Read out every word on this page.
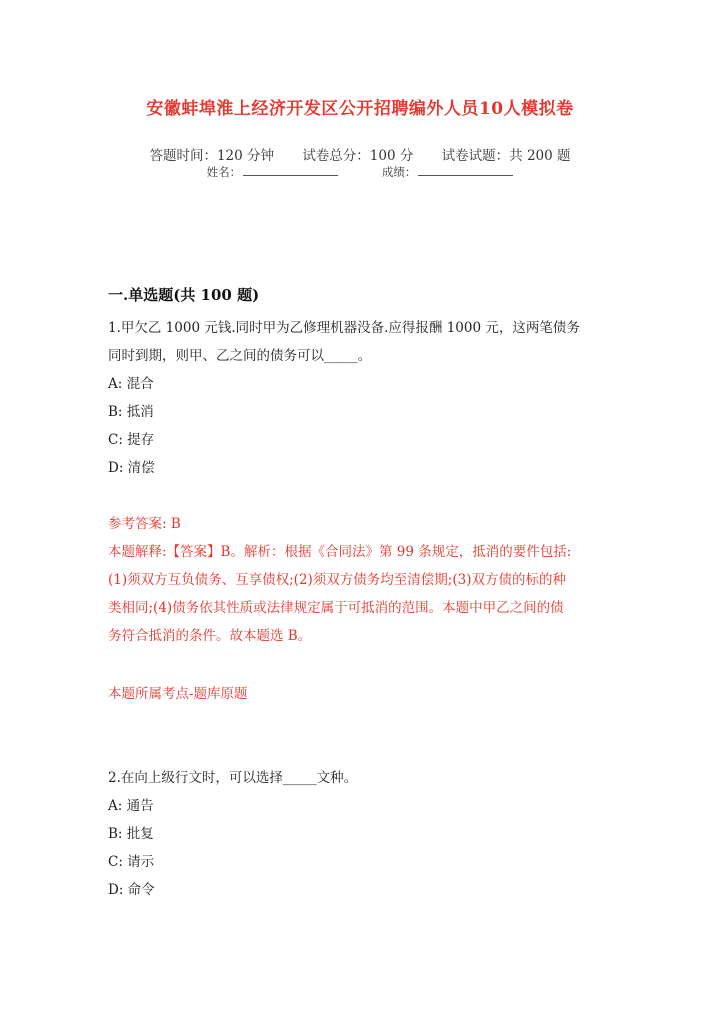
安徽蚌埠淮上经济开发区公开招聘编外人员10人模拟卷
答题时间：120 分钟 试卷总分：100 分 试卷试题：共 200 题
姓名：	成绩：
一.单选题(共 100 题)
1.甲欠乙 1000 元钱.同时甲为乙修理机器没备.应得报酬 1000 元，这两笔债务
同时到期，则甲、乙之间的债务可以_____。
A: 混合
B: 抵消
C: 提存
D: 清偿
参考答案: B
本题解释:【答案】B。解析：根据《合同法》第 99 条规定，抵消的要件包括:
(1)须双方互负债务、互享债权;(2)须双方债务均至清偿期;(3)双方债的标的种
类相同;(4)债务依其性质或法律规定属于可抵消的范围。本题中甲乙之间的债
务符合抵消的条件。故本题选 B。
本题所属考点-题库原题
2.在向上级行文时，可以选择_____文种。
A: 通告
B: 批复
C: 请示
D: 命令
